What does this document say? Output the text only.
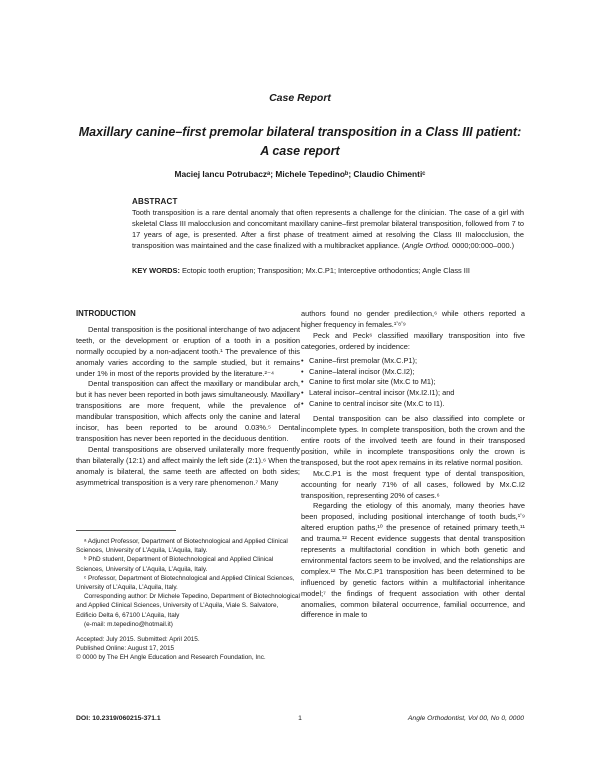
Case Report
Maxillary canine–first premolar bilateral transposition in a Class III patient:
A case report
Maciej Iancu Potrubaczᵃ; Michele Tepedinoᵇ; Claudio Chimentiᶜ
ABSTRACT
Tooth transposition is a rare dental anomaly that often represents a challenge for the clinician. The case of a girl with skeletal Class III malocclusion and concomitant maxillary canine–first premolar bilateral transposition, followed from 7 to 17 years of age, is presented. After a first phase of treatment aimed at resolving the Class III malocclusion, the transposition was maintained and the case finalized with a multibracket appliance. (Angle Orthod. 0000;00:000–000.)
KEY WORDS: Ectopic tooth eruption; Transposition; Mx.C.P1; Interceptive orthodontics; Angle Class III
INTRODUCTION

Dental transposition is the positional interchange of two adjacent teeth, or the development or eruption of a tooth in a position normally occupied by a non-adjacent tooth.¹ The prevalence of this anomaly varies according to the sample studied, but it remains under 1% in most of the reports provided by the literature.²⁻⁴

Dental transposition can affect the maxillary or mandibular arch, but it has never been reported in both jaws simultaneously. Maxillary transpositions are more frequent, while the prevalence of mandibular transposition, which affects only the canine and lateral incisor, has been reported to be around 0.03%.⁵ Dental transposition has never been reported in the deciduous dentition.

Dental transpositions are observed unilaterally more frequently than bilaterally (12:1) and affect mainly the left side (2:1).⁶ When the anomaly is bilateral, the same teeth are affected on both sides; asymmetrical transposition is a very rare phenomenon.⁷ Many

ᵃ Adjunct Professor, Department of Biotechnological and Applied Clinical Sciences, University of L’Aquila, L’Aquila, Italy.

ᵇ PhD student, Department of Biotechnological and Applied Clinical Sciences, University of L’Aquila, L’Aquila, Italy.

ᶜ Professor, Department of Biotechnological and Applied Clinical Sciences, University of L’Aquila, L’Aquila, Italy.

Corresponding author: Dr Michele Tepedino, Department of Biotechnological and Applied Clinical Sciences, University of L’Aquila, Viale S. Salvatore, Edificio Delta 6, 67100 L’Aquila, Italy

(e-mail: m.tepedino@hotmail.it)

Accepted: July 2015. Submitted: April 2015.

Published Online: August 17, 2015

© 0000 by The EH Angle Education and Research Foundation, Inc.

authors found no gender predilection,⁶ while others reported a higher frequency in females.¹ʼ⁸ʼ⁹

Peck and Peck⁶ classified maxillary transposition into five categories, ordered by incidence:

• Canine–first premolar (Mx.C.P1);
• Canine–lateral incisor (Mx.C.I2);
• Canine to first molar site (Mx.C to M1);
• Lateral incisor–central incisor (Mx.I2.I1); and
• Canine to central incisor site (Mx.C to I1).

Dental transposition can be also classified into complete or incomplete types. In complete transposition, both the crown and the entire roots of the involved teeth are found in their transposed position, while in incomplete transpositions only the crown is transposed, but the root apex remains in its relative normal position.

Mx.C.P1 is the most frequent type of dental transposition, accounting for nearly 71% of all cases, followed by Mx.C.I2 transposition, representing 20% of cases.⁶

Regarding the etiology of this anomaly, many theories have been proposed, including positional interchange of tooth buds,¹ʼ⁹ altered eruption paths,¹⁰ the presence of retained primary teeth,¹¹ and trauma.¹² Recent evidence suggests that dental transposition represents a multifactorial condition in which both genetic and environmental factors seem to be involved, and the relationships are complex.¹² The Mx.C.P1 transposition has been determined to be influenced by genetic factors within a multifactorial inheritance model;⁷ the findings of frequent association with other dental anomalies, common bilateral occurrence, familial occurrence, and difference in male to

DOI: 10.2319/060215-371.1	1	Angle Orthodontist, Vol 00, No 0, 0000
